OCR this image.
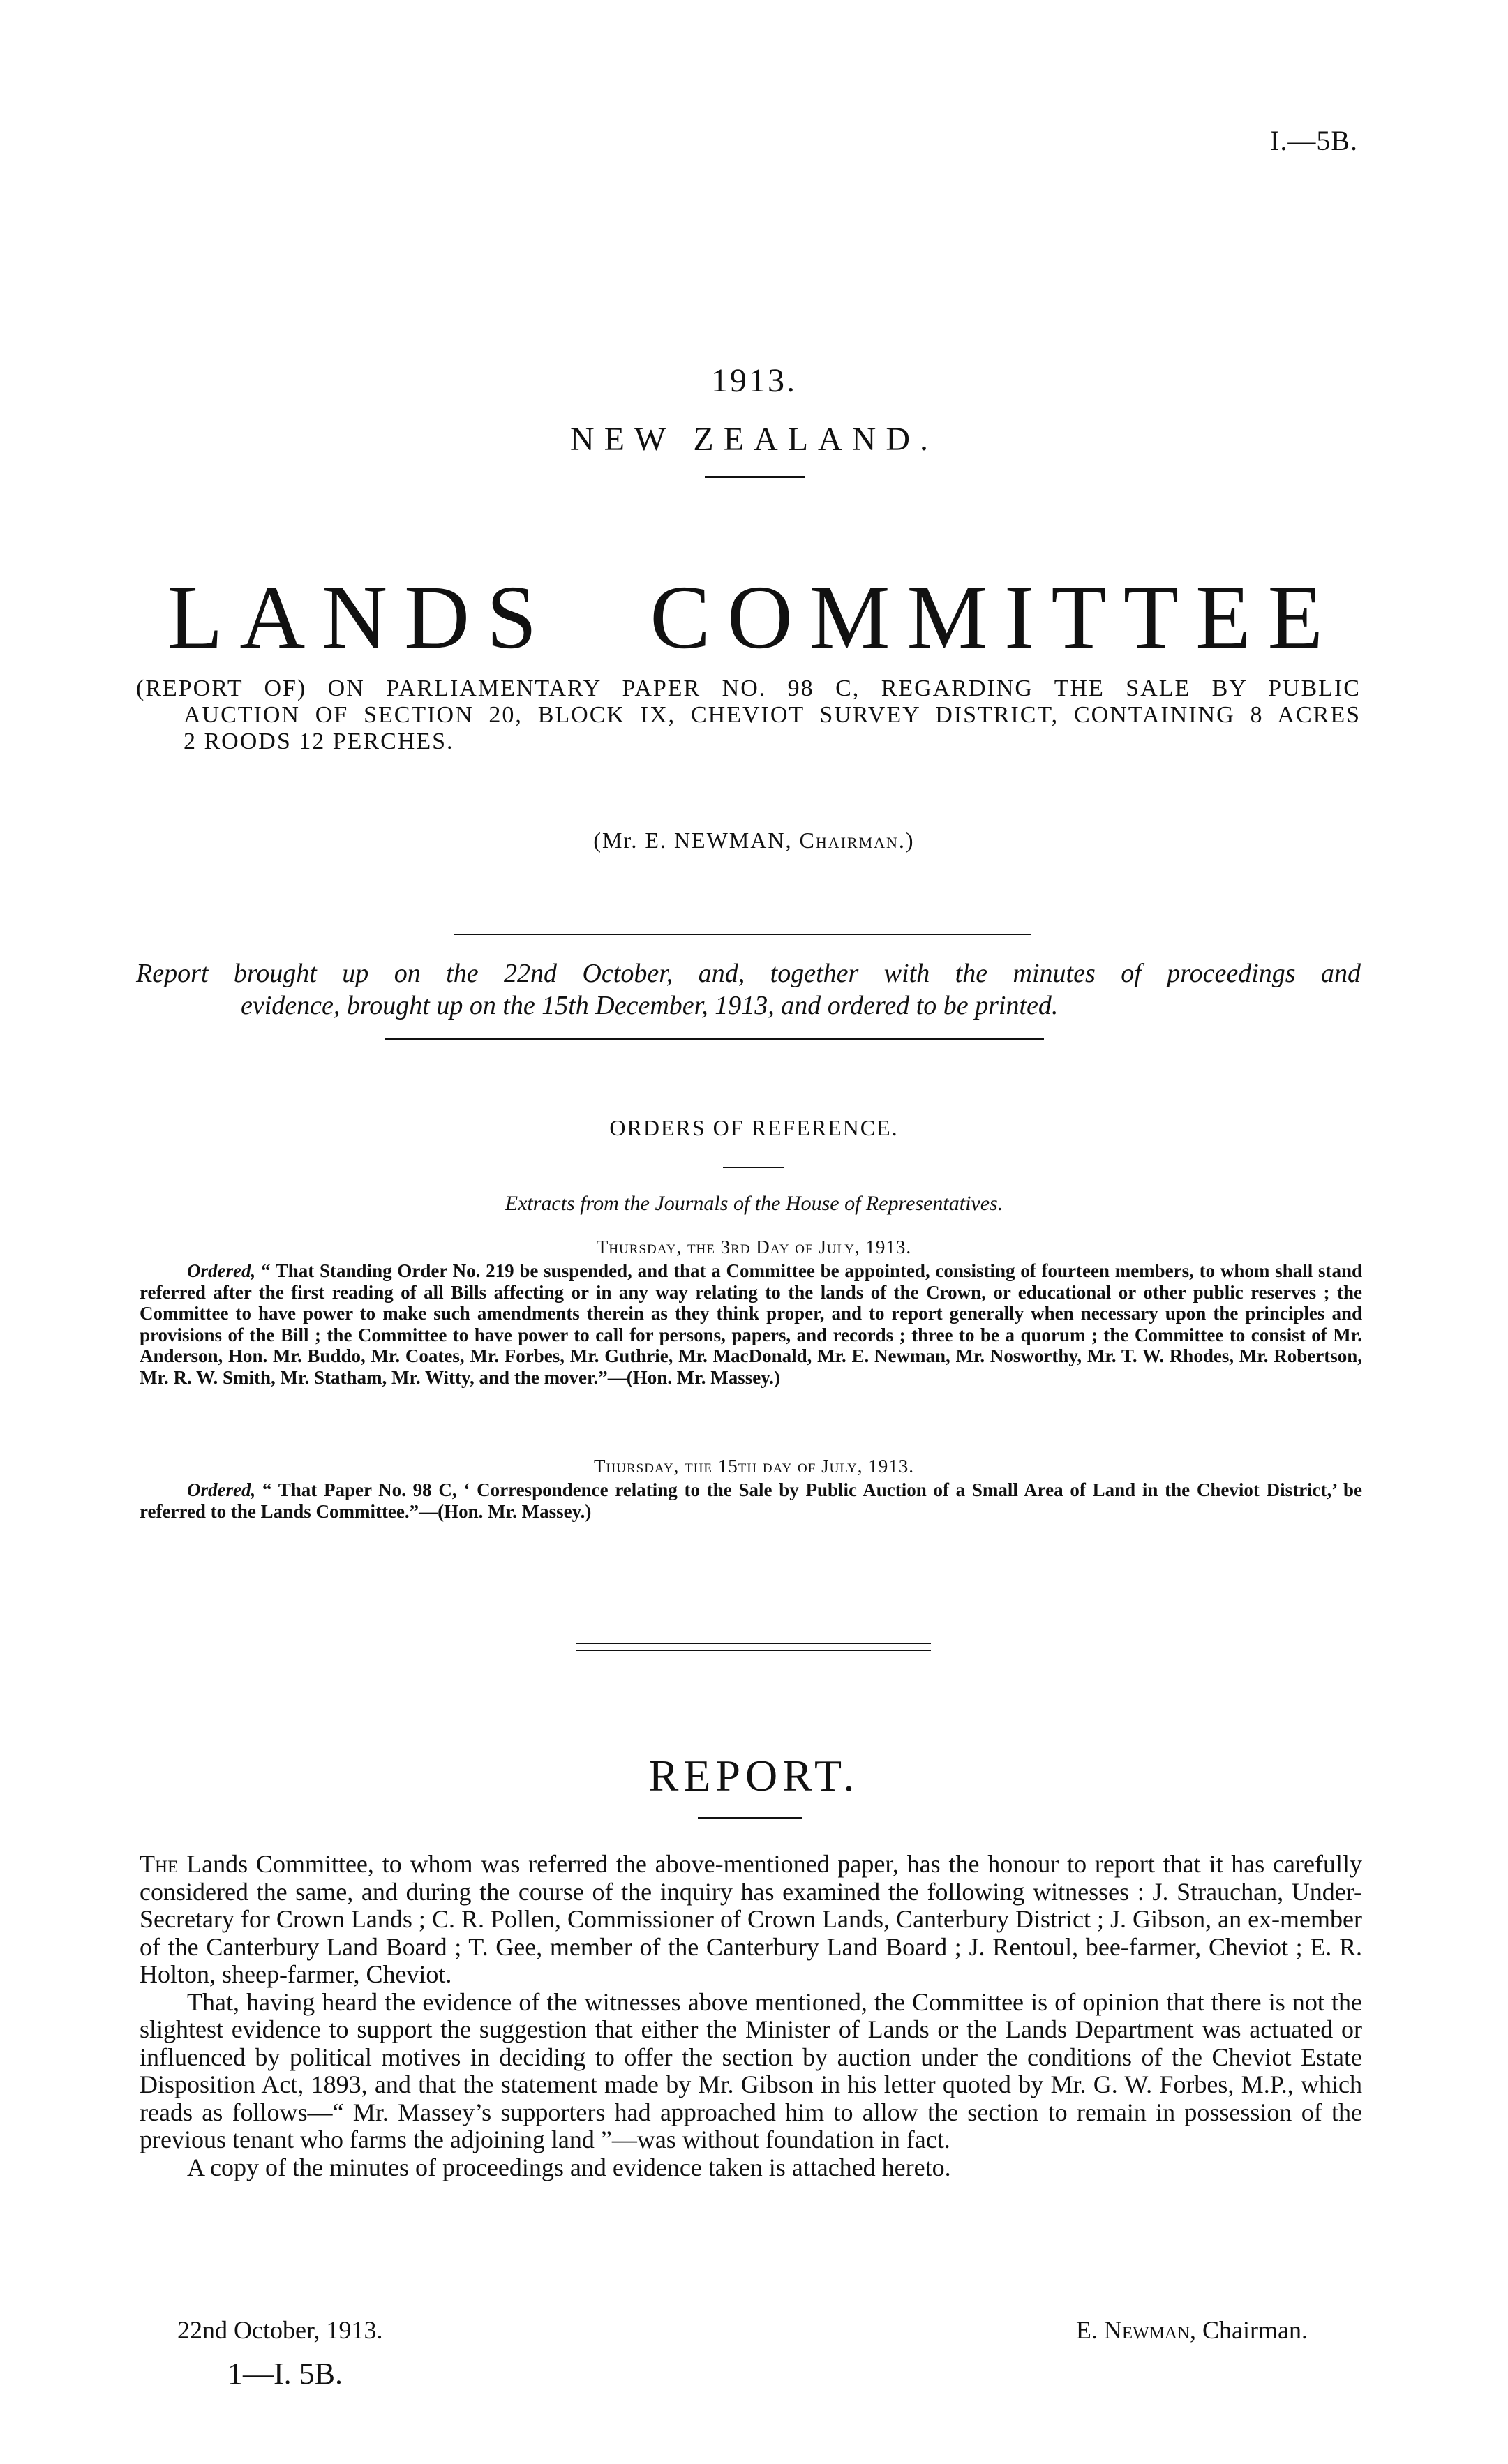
I.—5B.
1913.
NEW ZEALAND.
LANDS COMMITTEE
(REPORT OF) ON PARLIAMENTARY PAPER NO. 98 C, REGARDING THE SALE BY PUBLIC
AUCTION OF SECTION 20, BLOCK IX, CHEVIOT SURVEY DISTRICT, CONTAINING 8 ACRES
2 ROODS 12 PERCHES.
(Mr. E. NEWMAN, Chairman.)
Report brought up on the 22nd October, and, together with the minutes of proceedings and
evidence, brought up on the 15th December, 1913, and ordered to be printed.
ORDERS OF REFERENCE.
Extracts from the Journals of the House of Representatives.
Thursday, the 3rd Day of July, 1913.

Ordered, “ That Standing Order No. 219 be suspended, and that a Committee be appointed, consisting of fourteen members, to whom shall stand referred after the first reading of all Bills affecting or in any way relating to the lands of the Crown, or educational or other public reserves ; the Committee to have power to make such amendments therein as they think proper, and to report generally when necessary upon the principles and provisions of the Bill ; the Committee to have power to call for persons, papers, and records ; three to be a quorum ; the Committee to consist of Mr. Anderson, Hon. Mr. Buddo, Mr. Coates, Mr. Forbes, Mr. Guthrie, Mr. MacDonald, Mr. E. Newman, Mr. Nosworthy, Mr. T. W. Rhodes, Mr. Robertson, Mr. R. W. Smith, Mr. Statham, Mr. Witty, and the mover.”—(Hon. Mr. Massey.)

Thursday, the 15th day of July, 1913.

Ordered, “ That Paper No. 98 C, ‘ Correspondence relating to the Sale by Public Auction of a Small Area of Land in the Cheviot District,’ be referred to the Lands Committee.”—(Hon. Mr. Massey.)

REPORT.

The Lands Committee, to whom was referred the above-mentioned paper, has the honour to report that it has carefully considered the same, and during the course of the inquiry has examined the following witnesses : J. Strauchan, Under-Secretary for Crown Lands ; C. R. Pollen, Commissioner of Crown Lands, Canterbury District ; J. Gibson, an ex-member of the Canterbury Land Board ; T. Gee, member of the Canterbury Land Board ; J. Rentoul, bee-farmer, Cheviot ; E. R. Holton, sheep-farmer, Cheviot.

That, having heard the evidence of the witnesses above mentioned, the Committee is of opinion that there is not the slightest evidence to support the suggestion that either the Minister of Lands or the Lands Department was actuated or influenced by political motives in deciding to offer the section by auction under the conditions of the Cheviot Estate Disposition Act, 1893, and that the statement made by Mr. Gibson in his letter quoted by Mr. G. W. Forbes, M.P., which reads as follows—“ Mr. Massey’s supporters had approached him to allow the section to remain in possession of the previous tenant who farms the adjoining land ”—was without foundation in fact.

A copy of the minutes of proceedings and evidence taken is attached hereto.

22nd October, 1913.	E. Newman, Chairman.
1—I. 5B.
